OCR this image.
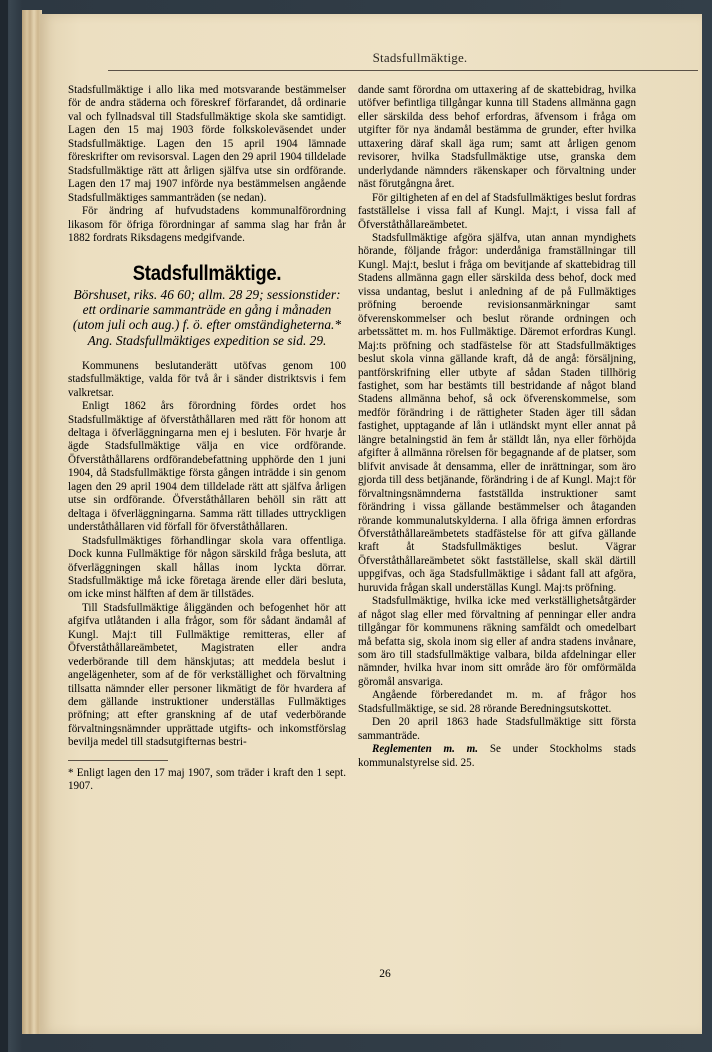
Stadsfullmäktige.

Stadsfullmäktige i allo lika med motsvarande bestämmelser för de andra städerna och föreskref förfarandet, då ordinarie val och fyllnadsval till Stadsfullmäktige skola ske samtidigt. Lagen den 15 maj 1903 förde folkskoleväsendet under Stadsfullmäktige. Lagen den 15 april 1904 lämnade föreskrifter om revisorsval. Lagen den 29 april 1904 tilldelade Stadsfullmäktige rätt att årligen själfva utse sin ordförande. Lagen den 17 maj 1907 införde nya bestämmelsen angående Stadsfullmäktiges sammanträden (se nedan).

För ändring af hufvudstadens kommunalförordning likasom för öfriga förordningar af samma slag har från år 1882 fordrats Riksdagens medgifvande.

Stadsfullmäktige.
Börshuset, riks. 46 60; allm. 28 29; sessionstider: ett ordinarie sammanträde en gång i månaden (utom juli och aug.) f. ö. efter omständigheterna.* Ang. Stadsfullmäktiges expedition se sid. 29.

Kommunens beslutanderätt utöfvas genom 100 stadsfullmäktige, valda för två år i sänder distriktsvis i fem valkretsar.

Enligt 1862 års förordning fördes ordet hos Stadsfullmäktige af öfverståthållaren med rätt för honom att deltaga i öfverläggningarna men ej i besluten. För hvarje år ägde Stadsfullmäktige välja en vice ordförande. Öfverståthållarens ordförandebefattning upphörde den 1 juni 1904, då Stadsfullmäktige första gången inträdde i sin genom lagen den 29 april 1904 dem tilldelade rätt att själfva årligen utse sin ordförande. Öfverståthållaren behöll sin rätt att deltaga i öfverläggningarna. Samma rätt tillades uttryckligen underståthållaren vid förfall för öfverståthållaren.

Stadsfullmäktiges förhandlingar skola vara offentliga. Dock kunna Fullmäktige för någon särskild fråga besluta, att öfverläggningen skall hållas inom lyckta dörrar. Stadsfullmäktige må icke företaga ärende eller däri besluta, om icke minst hälften af dem är tillstädes.

Till Stadsfullmäktige åliggänden och befogenhet hör att afgifva utlåtanden i alla frågor, som för sådant ändamål af Kungl. Maj:t till Fullmäktige remitteras, eller af Öfverståthållareämbetet, Magistraten eller andra vederbörande till dem hänskjutas; att meddela beslut i angelägenheter, som af de för verkställighet och förvaltning tillsatta nämnder eller personer likmätigt de för hvardera af dem gällande instruktioner underställas Fullmäktiges pröfning; att efter granskning af de utaf vederbörande förvaltningsnämnder upprättade utgifts- och inkomstförslag bevilja medel till stadsutgifternas bestri-

* Enligt lagen den 17 maj 1907, som träder i kraft den 1 sept. 1907.

dande samt förordna om uttaxering af de skattebidrag, hvilka utöfver befintliga tillgångar kunna till Stadens allmänna gagn eller särskilda dess behof erfordras, äfvensom i fråga om utgifter för nya ändamål bestämma de grunder, efter hvilka uttaxering däraf skall äga rum; samt att årligen genom revisorer, hvilka Stadsfullmäktige utse, granska dem underlydande nämnders räkenskaper och förvaltning under näst förutgångna året.

För giltigheten af en del af Stadsfullmäktiges beslut fordras fastställelse i vissa fall af Kungl. Maj:t, i vissa fall af Öfverståthållareämbetet.

Stadsfullmäktige afgöra själfva, utan annan myndighets hörande, följande frågor: underdåniga framställningar till Kungl. Maj:t, beslut i fråga om bevitjande af skattebidrag till Stadens allmänna gagn eller särskilda dess behof, dock med vissa undantag, beslut i anledning af de på Fullmäktiges pröfning beroende revisionsanmärkningar samt öfverenskommelser och beslut rörande ordningen och arbetssättet m. m. hos Fullmäktige. Däremot erfordras Kungl. Maj:ts pröfning och stadfästelse för att Stadsfullmäktiges beslut skola vinna gällande kraft, då de angå: försäljning, pantförskrifning eller utbyte af sådan Staden tillhörig fastighet, som har bestämts till bestridande af något bland Stadens allmänna behof, så ock öfverenskommelse, som medför förändring i de rättigheter Staden äger till sådan fastighet, upptagande af lån i utländskt mynt eller annat på längre betalningstid än fem år ställdt lån, nya eller förhöjda afgifter å allmänna rörelsen för begagnande af de platser, som blifvit anvisade åt densamma, eller de inrättningar, som äro gjorda till dess betjänande, förändring i de af Kungl. Maj:t för förvaltningsnämnderna fastställda instruktioner samt förändring i vissa gällande bestämmelser och åtaganden rörande kommunalutskylderna. I alla öfriga ämnen erfordras Öfverståthållareämbetets stadfästelse för att gifva gällande kraft åt Stadsfullmäktiges beslut. Vägrar Öfverståthållareämbetet sökt fastställelse, skall skäl därtill uppgifvas, och äga Stadsfullmäktige i sådant fall att afgöra, huruvida frågan skall underställas Kungl. Maj:ts pröfning.

Stadsfullmäktige, hvilka icke med verkställighetsåtgärder af något slag eller med förvaltning af penningar eller andra tillgångar för kommunens räkning samfäldt och omedelbart må befatta sig, skola inom sig eller af andra stadens invånare, som äro till stadsfullmäktige valbara, bilda afdelningar eller nämnder, hvilka hvar inom sitt område äro för omförmälda göromål ansvariga.

Angående förberedandet m. m. af frågor hos Stadsfullmäktige, se sid. 28 rörande Beredningsutskottet.

Den 20 april 1863 hade Stadsfullmäktige sitt första sammanträde.

Reglementen m. m. Se under Stockholms stads kommunalstyrelse sid. 25.

26
